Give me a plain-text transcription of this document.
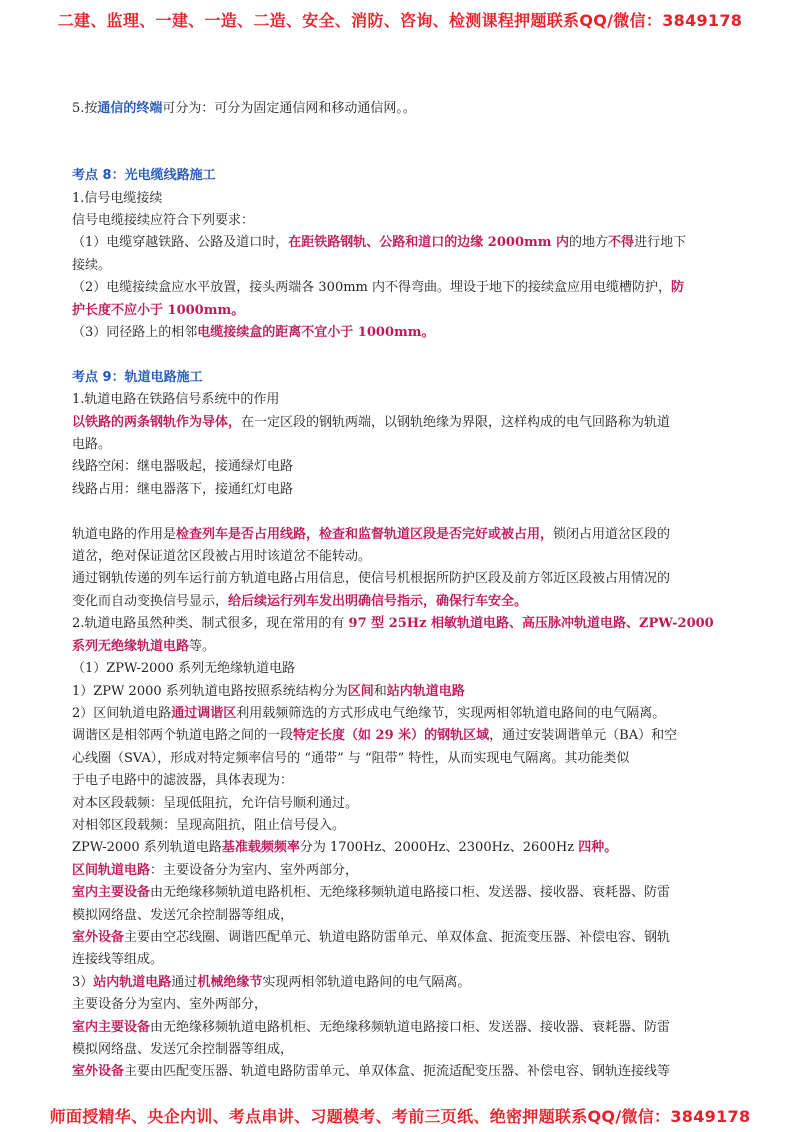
二建、监理、一建、一造、二造、安全、消防、咨询、检测课程押题联系QQ/微信：3849178
5.按通信的终端可分为：可分为固定通信网和移动通信网。。
考点 8：光电缆线路施工
1.信号电缆接续
信号电缆接续应符合下列要求：
（1）电缆穿越铁路、公路及道口时，在距铁路钢轨、公路和道口的边缘 2000mm 内的地方不得进行地下
接续。
（2）电缆接续盒应水平放置，接头两端各 300mm 内不得弯曲。埋设于地下的接续盒应用电缆槽防护，防
护长度不应小于 1000mm。
（3）同径路上的相邻电缆接续盒的距离不宜小于 1000mm。
考点 9：轨道电路施工
1.轨道电路在铁路信号系统中的作用
以铁路的两条钢轨作为导体，在一定区段的钢轨两端，以钢轨绝缘为界限，这样构成的电气回路称为轨道
电路。
线路空闲：继电器吸起，接通绿灯电路
线路占用：继电器落下，接通红灯电路
轨道电路的作用是检查列车是否占用线路，检查和监督轨道区段是否完好或被占用，锁闭占用道岔区段的
道岔，绝对保证道岔区段被占用时该道岔不能转动。
通过钢轨传递的列车运行前方轨道电路占用信息，使信号机根据所防护区段及前方邻近区段被占用情况的
变化而自动变换信号显示，给后续运行列车发出明确信号指示，确保行车安全。
2.轨道电路虽然种类、制式很多，现在常用的有 97 型 25Hz 相敏轨道电路、高压脉冲轨道电路、ZPW-2000
系列无绝缘轨道电路等。
（1）ZPW-2000 系列无绝缘轨道电路
1）ZPW 2000 系列轨道电路按照系统结构分为区间和站内轨道电路
2）区间轨道电路通过调谐区利用载频筛选的方式形成电气绝缘节，实现两相邻轨道电路间的电气隔离。
调谐区是相邻两个轨道电路之间的一段特定长度（如 29 米）的钢轨区域，通过安装调谐单元（BA）和空
心线圈（SVA），形成对特定频率信号的 “通带” 与 “阻带” 特性，从而实现电气隔离。其功能类似
于电子电路中的滤波器，具体表现为：
对本区段载频：呈现低阻抗，允许信号顺利通过。
对相邻区段载频：呈现高阻抗，阻止信号侵入。
ZPW-2000 系列轨道电路基准载频频率分为 1700Hz、2000Hz、2300Hz、2600Hz 四种。
区间轨道电路：主要设备分为室内、室外两部分，
室内主要设备由无绝缘移频轨道电路机柜、无绝缘移频轨道电路接口柜、发送器、接收器、衰耗器、防雷
模拟网络盘、发送冗余控制器等组成，
室外设备主要由空芯线圈、调谐匹配单元、轨道电路防雷单元、单双体盒、扼流变压器、补偿电容、钢轨
连接线等组成。
3）站内轨道电路通过机械绝缘节实现两相邻轨道电路间的电气隔离。
主要设备分为室内、室外两部分，
室内主要设备由无绝缘移频轨道电路机柜、无绝缘移频轨道电路接口柜、发送器、接收器、衰耗器、防雷
模拟网络盘、发送冗余控制器等组成，
室外设备主要由匹配变压器、轨道电路防雷单元、单双体盒、扼流适配变压器、补偿电容、钢轨连接线等
师面授精华、央企内训、考点串讲、习题模考、考前三页纸、绝密押题联系QQ/微信：3849178
